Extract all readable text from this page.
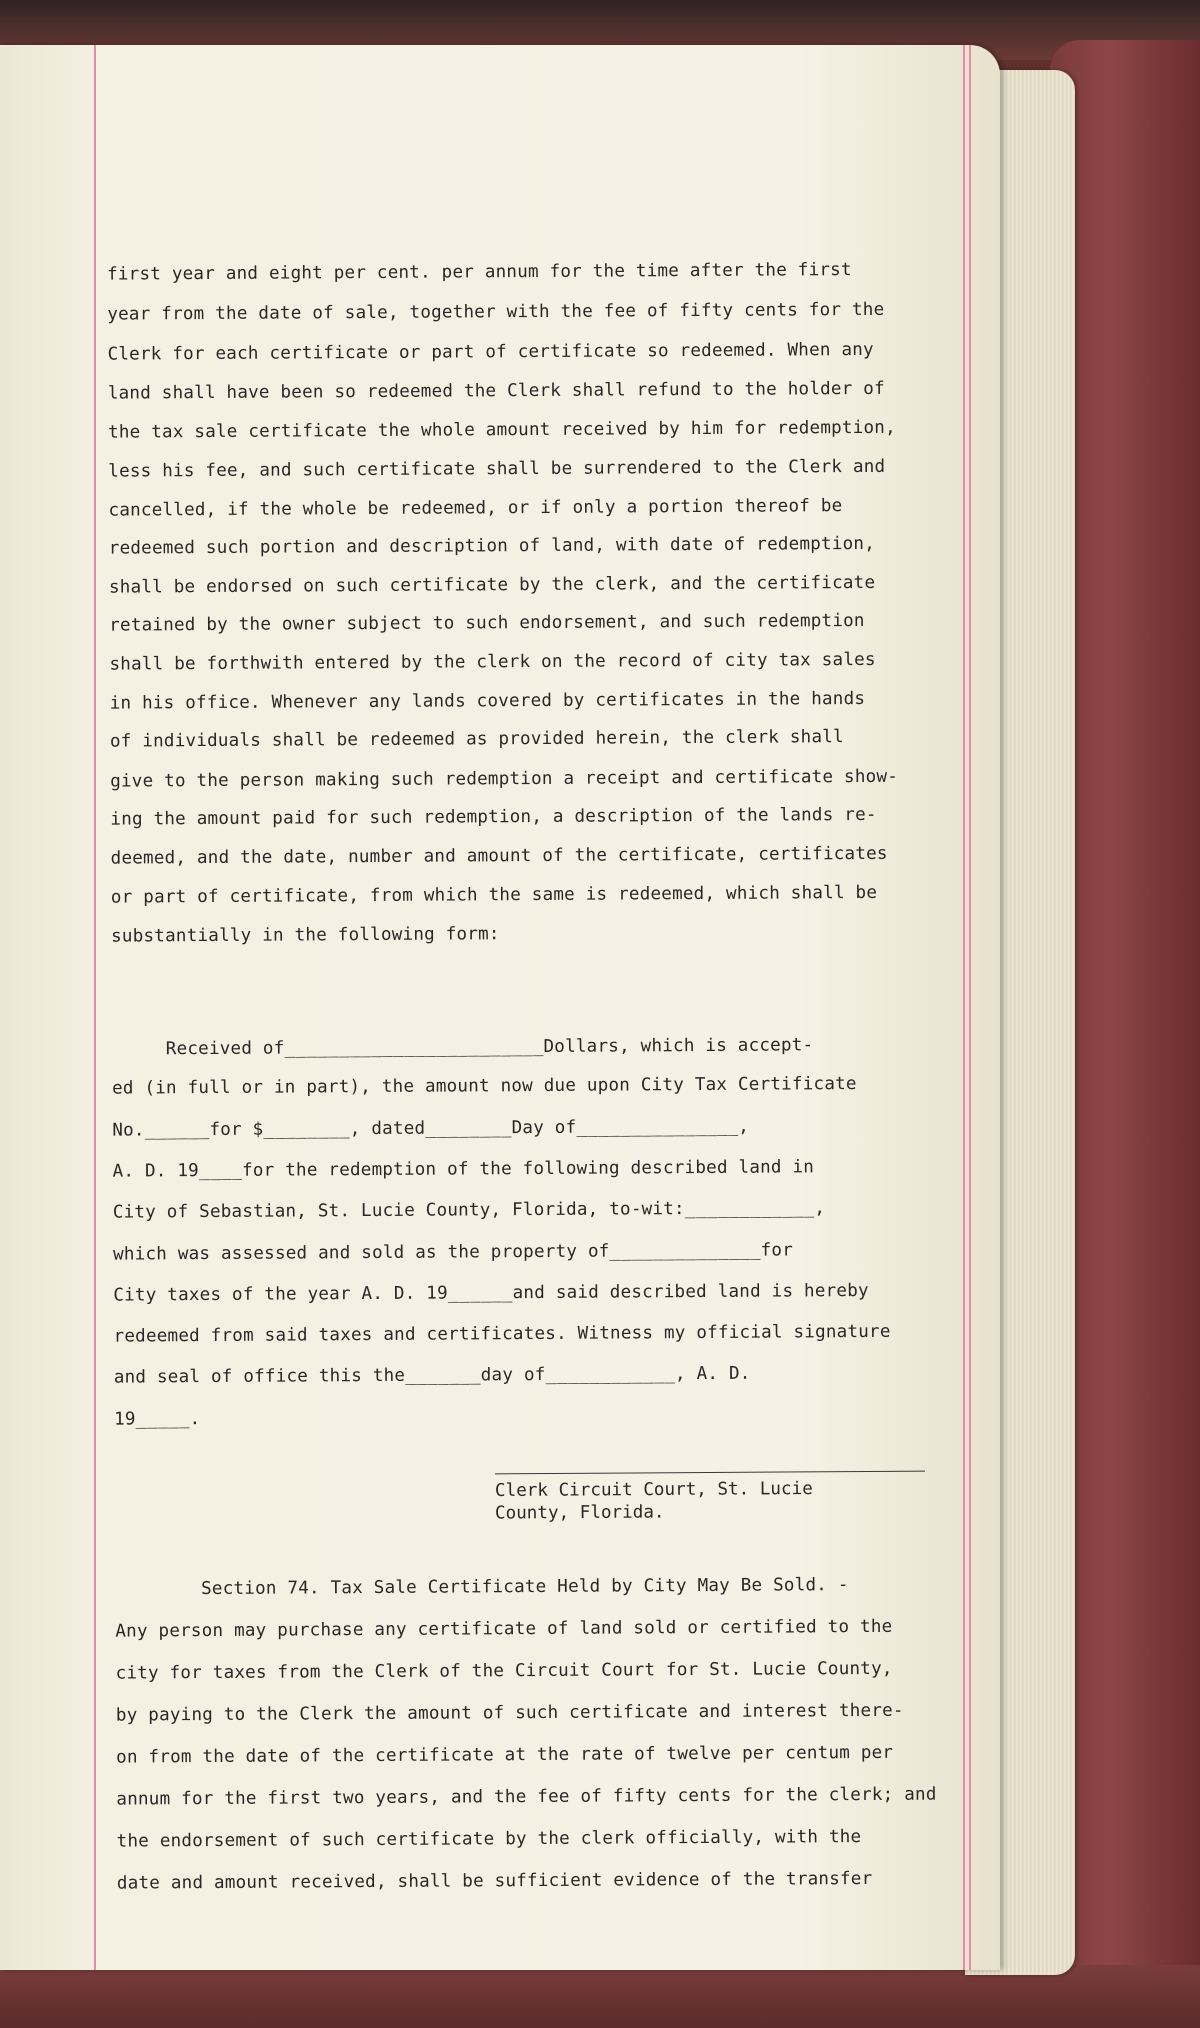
first year and eight per cent. per annum for the time after the first
year from the date of sale, together with the fee of fifty cents for the
Clerk for each certificate or part of certificate so redeemed. When any
land shall have been so redeemed the Clerk shall refund to the holder of
the tax sale certificate the whole amount received by him for redemption,
less his fee, and such certificate shall be surrendered to the Clerk and
cancelled, if the whole be redeemed, or if only a portion thereof be
redeemed such portion and description of land, with date of redemption,
shall be endorsed on such certificate by the clerk, and the certificate
retained by the owner subject to such endorsement, and such redemption
shall be forthwith entered by the clerk on the record of city tax sales
in his office. Whenever any lands covered by certificates in the hands
of individuals shall be redeemed as provided herein, the clerk shall
give to the person making such redemption a receipt and certificate show-
ing the amount paid for such redemption, a description of the lands re-
deemed, and the date, number and amount of the certificate, certificates
or part of certificate, from which the same is redeemed, which shall be
substantially in the following form:
Received of________________________Dollars, which is accept-
ed (in full or in part), the amount now due upon City Tax Certificate
No.______for $________, dated________Day of_______________,
A. D. 19____for the redemption of the following described land in
City of Sebastian, St. Lucie County, Florida, to-wit:____________,
which was assessed and sold as the property of______________for
City taxes of the year A. D. 19______and said described land is hereby
redeemed from said taxes and certificates. Witness my official signature
and seal of office this the_______day of____________, A. D.
19_____.
Section 74. Tax Sale Certificate Held by City May Be Sold. -
Any person may purchase any certificate of land sold or certified to the
city for taxes from the Clerk of the Circuit Court for St. Lucie County,
by paying to the Clerk the amount of such certificate and interest there-
on from the date of the certificate at the rate of twelve per centum per
annum for the first two years, and the fee of fifty cents for the clerk; and
the endorsement of such certificate by the clerk officially, with the
date and amount received, shall be sufficient evidence of the transfer
Clerk Circuit Court, St. Lucie
County, Florida.
